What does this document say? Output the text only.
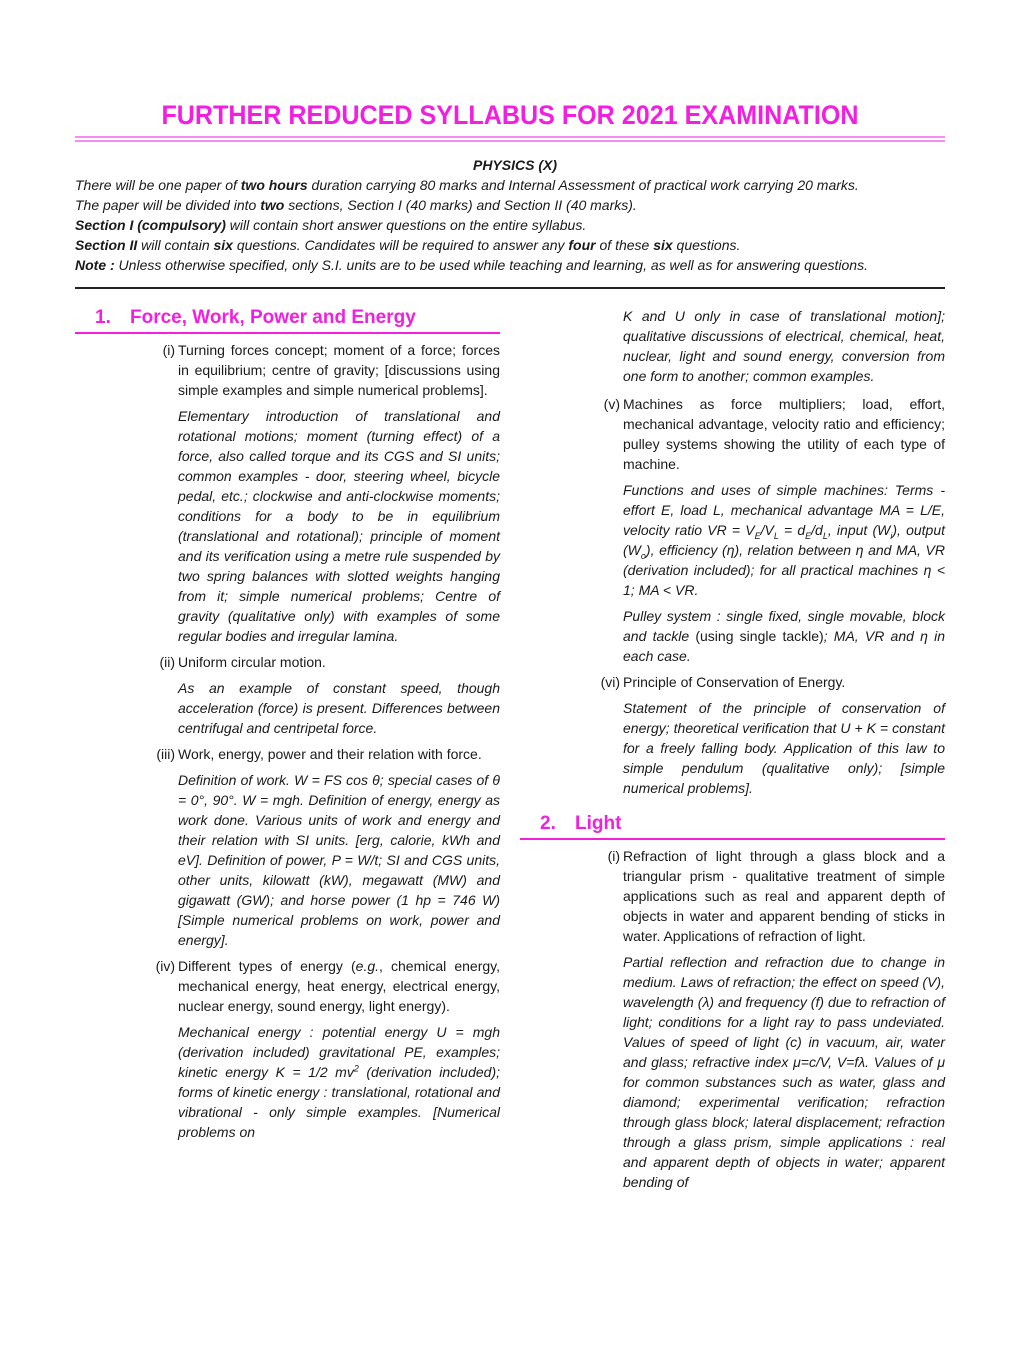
FURTHER REDUCED SYLLABUS FOR 2021 EXAMINATION

PHYSICS (X)

There will be one paper of two hours duration carrying 80 marks and Internal Assessment of practical work carrying 20 marks.

The paper will be divided into two sections, Section I (40 marks) and Section II (40 marks).

Section I (compulsory) will contain short answer questions on the entire syllabus.

Section II will contain six questions. Candidates will be required to answer any four of these six questions.

Note : Unless otherwise specified, only S.I. units are to be used while teaching and learning, as well as for answering questions.

1. Force, Work, Power and Energy
(i) Turning forces concept; moment of a force; forces in equilibrium; centre of gravity; [discussions using simple examples and simple numerical problems].

Elementary introduction of translational and rotational motions; moment (turning effect) of a force, also called torque and its CGS and SI units; common examples - door, steering wheel, bicycle pedal, etc.; clockwise and anti-clockwise moments; conditions for a body to be in equilibrium (translational and rotational); principle of moment and its verification using a metre rule suspended by two spring balances with slotted weights hanging from it; simple numerical problems; Centre of gravity (qualitative only) with examples of some regular bodies and irregular lamina.

(ii) Uniform circular motion.

As an example of constant speed, though acceleration (force) is present. Differences between centrifugal and centripetal force.

(iii) Work, energy, power and their relation with force.

Definition of work. W = FS cos θ; special cases of θ = 0°, 90°. W = mgh. Definition of energy, energy as work done. Various units of work and energy and their relation with SI units. [erg, calorie, kWh and eV]. Definition of power, P = W/t; SI and CGS units, other units, kilowatt (kW), megawatt (MW) and gigawatt (GW); and horse power (1 hp = 746 W) [Simple numerical problems on work, power and energy].

(iv) Different types of energy (e.g., chemical energy, mechanical energy, heat energy, electrical energy, nuclear energy, sound energy, light energy).

Mechanical energy : potential energy U = mgh (derivation included) gravitational PE, examples; kinetic energy K = 1/2 $mv^2$ (derivation included); forms of kinetic energy : translational, rotational and vibrational - only simple examples. [Numerical problems on

K and U only in case of translational motion]; qualitative discussions of electrical, chemical, heat, nuclear, light and sound energy, conversion from one form to another; common examples.
(v) Machines as force multipliers; load, effort, mechanical advantage, velocity ratio and efficiency; pulley systems showing the utility of each type of machine.

Functions and uses of simple machines: Terms - effort E, load L, mechanical advantage MA = L/E, velocity ratio VR = $V_E/V_L = d_E/d_L$, input $(W_i)$, output $(W_o)$, efficiency (η), relation between η and MA, VR (derivation included); for all practical machines η < 1; MA < VR.

Pulley system : single fixed, single movable, block and tackle (using single tackle); MA, VR and η in each case.

(vi) Principle of Conservation of Energy.

Statement of the principle of conservation of energy; theoretical verification that U + K = constant for a freely falling body. Application of this law to simple pendulum (qualitative only); [simple numerical problems].

2. Light
(i) Refraction of light through a glass block and a triangular prism - qualitative treatment of simple applications such as real and apparent depth of objects in water and apparent bending of sticks in water. Applications of refraction of light.

Partial reflection and refraction due to change in medium. Laws of refraction; the effect on speed (V), wavelength (λ) and frequency (f) due to refraction of light; conditions for a light ray to pass undeviated. Values of speed of light (c) in vacuum, air, water and glass; refractive index μ=c/V, V=fλ. Values of μ for common substances such as water, glass and diamond; experimental verification; refraction through glass block; lateral displacement; refraction through a glass prism, simple applications : real and apparent depth of objects in water; apparent bending of
